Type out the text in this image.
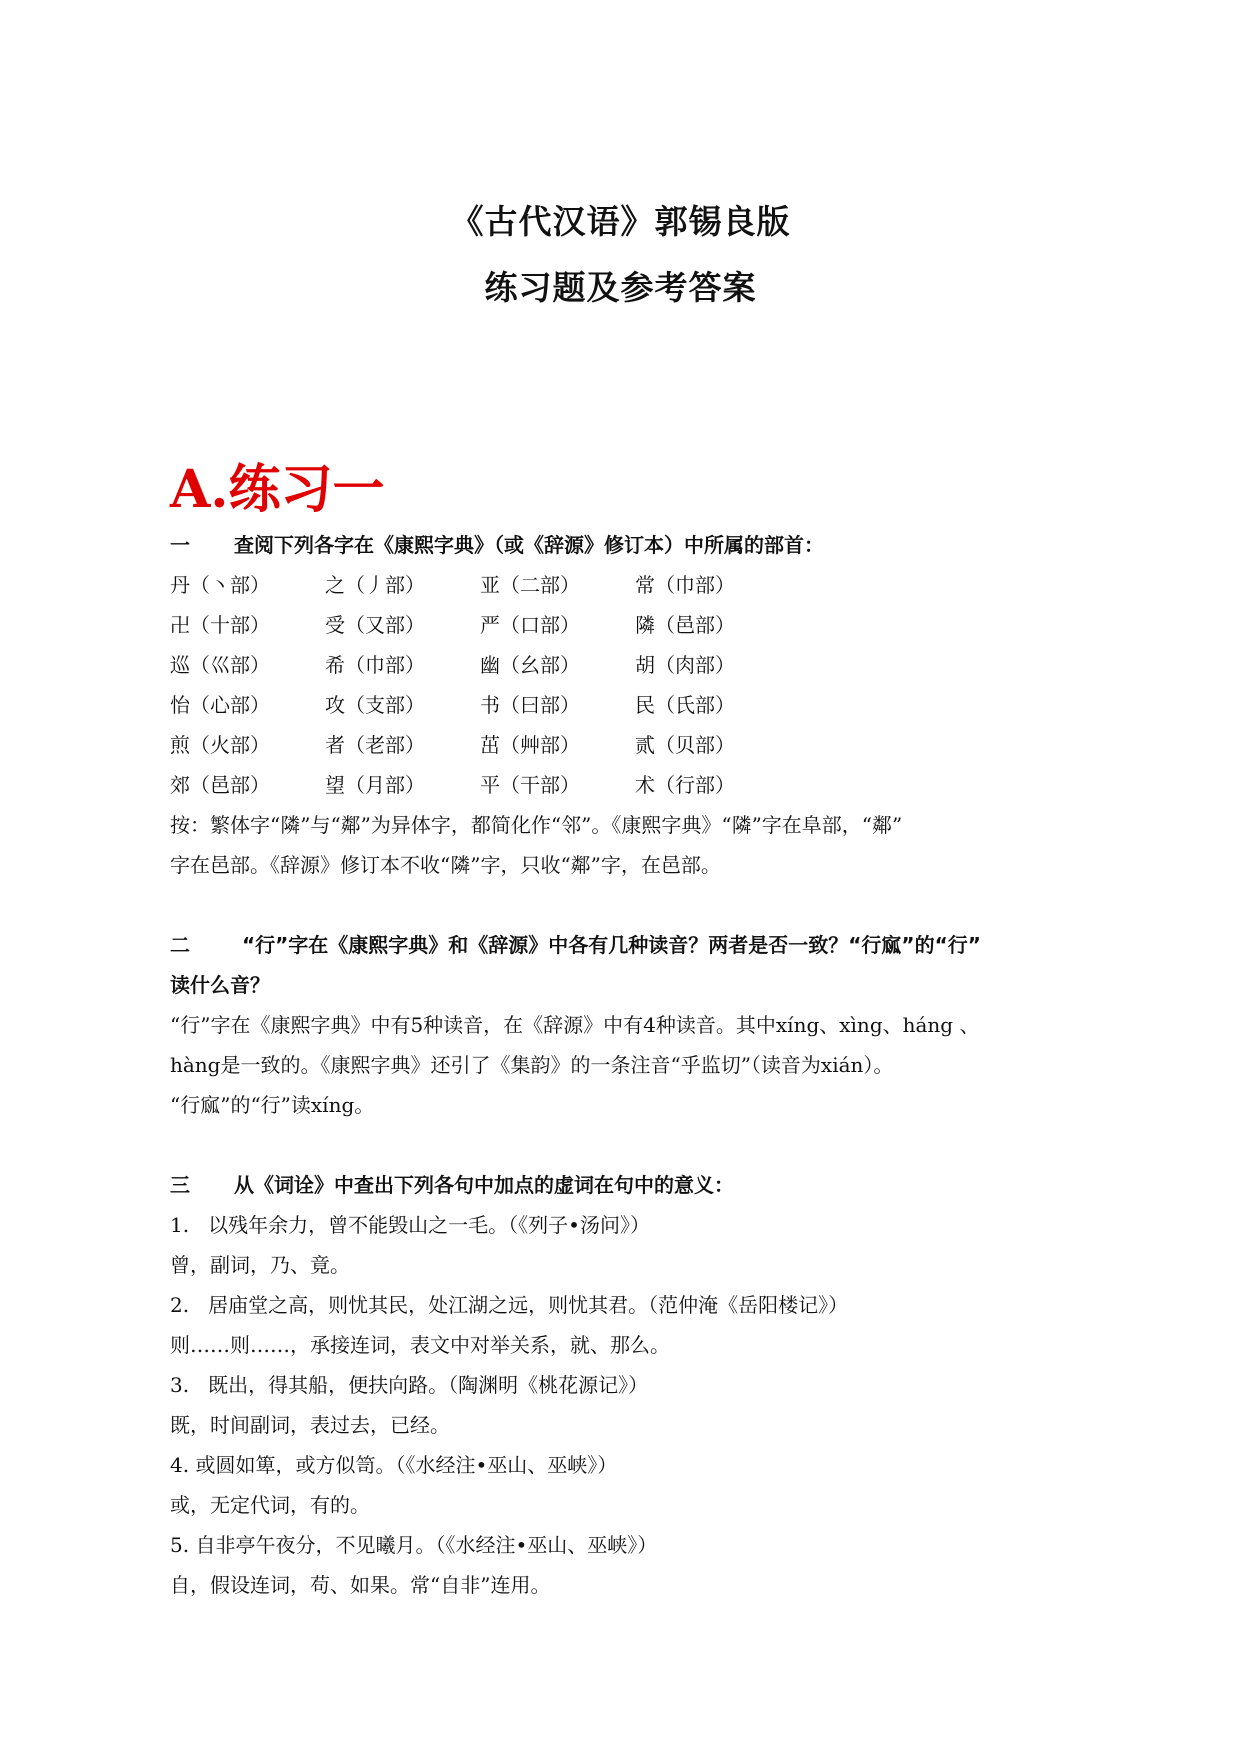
《古代汉语》郭锡良版
练习题及参考答案
A.练习一
一 查阅下列各字在《康熙字典》（或《辞源》修订本）中所属的部首：
丹（丶部）	之（丿部）	亚（二部）	常（巾部）
卍（十部）	受（又部）	严（口部）	隣（邑部）
巡（巛部）	希（巾部）	幽（幺部）	胡（肉部）
怡（心部）	攻（支部）	书（曰部）	民（氏部）
煎（火部）	者（老部）	茁（艸部）	贰（贝部）
郊（邑部）	望（月部）	平（干部）	术（行部）
按：繁体字“隣”与“鄰”为异体字，都简化作“邻”。《康熙字典》“隣”字在阜部，“鄰”
字在邑部。《辞源》修订本不收“隣”字，只收“鄰”字，在邑部。
二	“行”字在《康熙字典》和《辞源》中各有几种读音？两者是否一致？“行寙”的“行”
读什么音？
“行”字在《康熙字典》中有5种读音，在《辞源》中有4种读音。其中xíng、xìng、háng 、
hàng是一致的。《康熙字典》还引了《集韵》的一条注音“乎监切”（读音为xián）。
“行寙”的“行”读xíng。
三 从《词诠》中查出下列各句中加点的虚词在句中的意义：
1.   以残年余力，曾不能毁山之一毛。（《列子•汤问》）
曾，副词，乃、竟。
2.   居庙堂之高，则忧其民，处江湖之远，则忧其君。（范仲淹《岳阳楼记》）
则……则……，承接连词，表文中对举关系，就、那么。
3.   既出，得其船，便扶向路。（陶渊明《桃花源记》）
既，时间副词，表过去，已经。
4. 或圆如箄，或方似笥。（《水经注•巫山、巫峡》）
或，无定代词，有的。
5. 自非亭午夜分，不见曦月。（《水经注•巫山、巫峡》）
自，假设连词，苟、如果。常“自非”连用。
